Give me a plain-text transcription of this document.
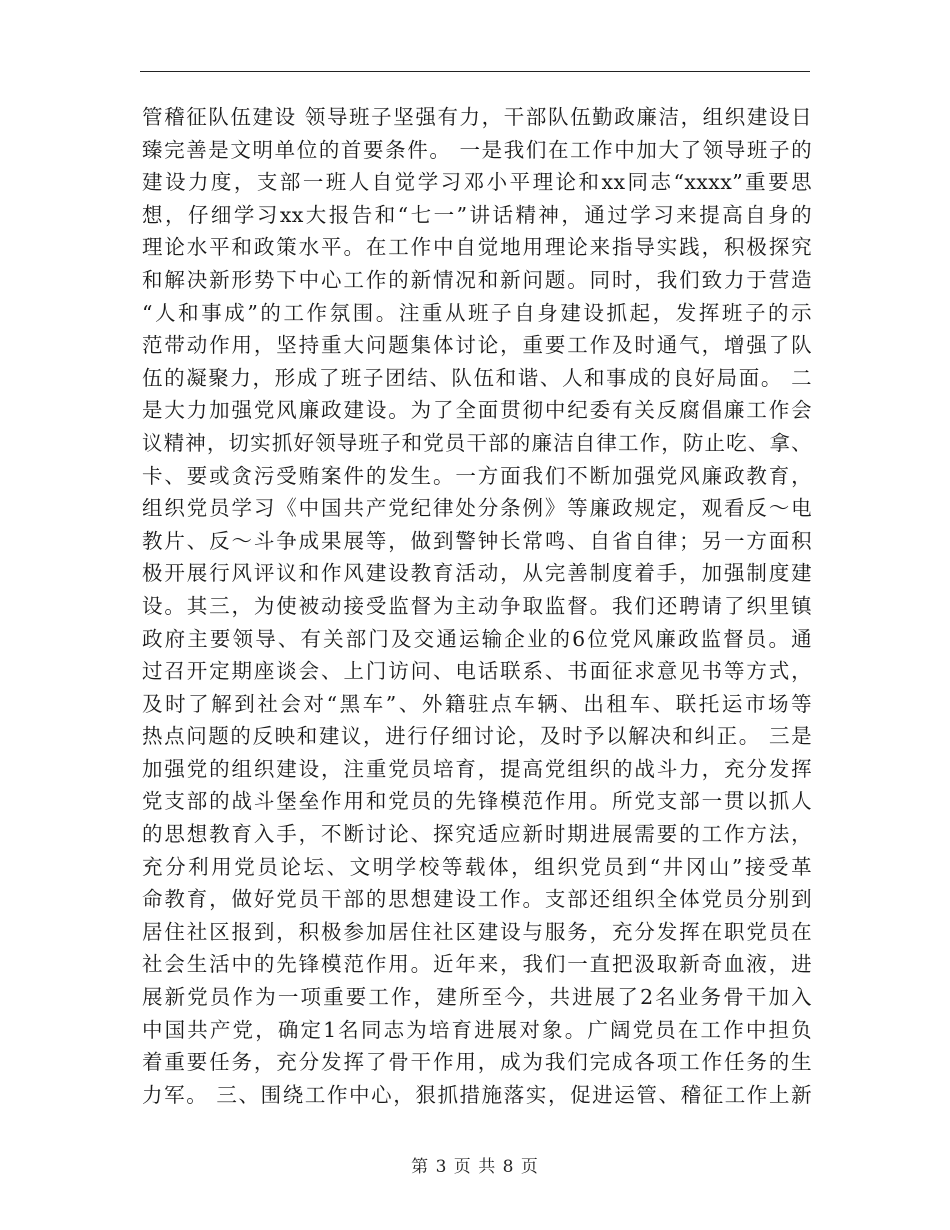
管稽征队伍建设 领导班子坚强有力，干部队伍勤政廉洁，组织建设日
臻完善是文明单位的首要条件。 一是我们在工作中加大了领导班子的
建设力度，支部一班人自觉学习邓小平理论和xx同志“xxxx”重要思
想，仔细学习xx大报告和“七一”讲话精神，通过学习来提高自身的
理论水平和政策水平。在工作中自觉地用理论来指导实践，积极探究
和解决新形势下中心工作的新情况和新问题。同时，我们致力于营造
“人和事成”的工作氛围。注重从班子自身建设抓起，发挥班子的示
范带动作用，坚持重大问题集体讨论，重要工作及时通气，增强了队
伍的凝聚力，形成了班子团结、队伍和谐、人和事成的良好局面。 二
是大力加强党风廉政建设。为了全面贯彻中纪委有关反腐倡廉工作会
议精神，切实抓好领导班子和党员干部的廉洁自律工作，防止吃、拿、
卡、要或贪污受贿案件的发生。一方面我们不断加强党风廉政教育，
组织党员学习《中国共产党纪律处分条例》等廉政规定，观看反～电
教片、反～斗争成果展等，做到警钟长常鸣、自省自律；另一方面积
极开展行风评议和作风建设教育活动，从完善制度着手，加强制度建
设。其三，为使被动接受监督为主动争取监督。我们还聘请了织里镇
政府主要领导、有关部门及交通运输企业的6位党风廉政监督员。通
过召开定期座谈会、上门访问、电话联系、书面征求意见书等方式，
及时了解到社会对“黑车”、外籍驻点车辆、出租车、联托运市场等
热点问题的反映和建议，进行仔细讨论，及时予以解决和纠正。 三是
加强党的组织建设，注重党员培育，提高党组织的战斗力，充分发挥
党支部的战斗堡垒作用和党员的先锋模范作用。所党支部一贯以抓人
的思想教育入手，不断讨论、探究适应新时期进展需要的工作方法，
充分利用党员论坛、文明学校等载体，组织党员到“井冈山”接受革
命教育，做好党员干部的思想建设工作。支部还组织全体党员分别到
居住社区报到，积极参加居住社区建设与服务，充分发挥在职党员在
社会生活中的先锋模范作用。近年来，我们一直把汲取新奇血液，进
展新党员作为一项重要工作，建所至今，共进展了2名业务骨干加入
中国共产党，确定1名同志为培育进展对象。广阔党员在工作中担负
着重要任务，充分发挥了骨干作用，成为我们完成各项工作任务的生
力军。 三、围绕工作中心，狠抓措施落实，促进运管、稽征工作上新
第 3 页 共 8 页
